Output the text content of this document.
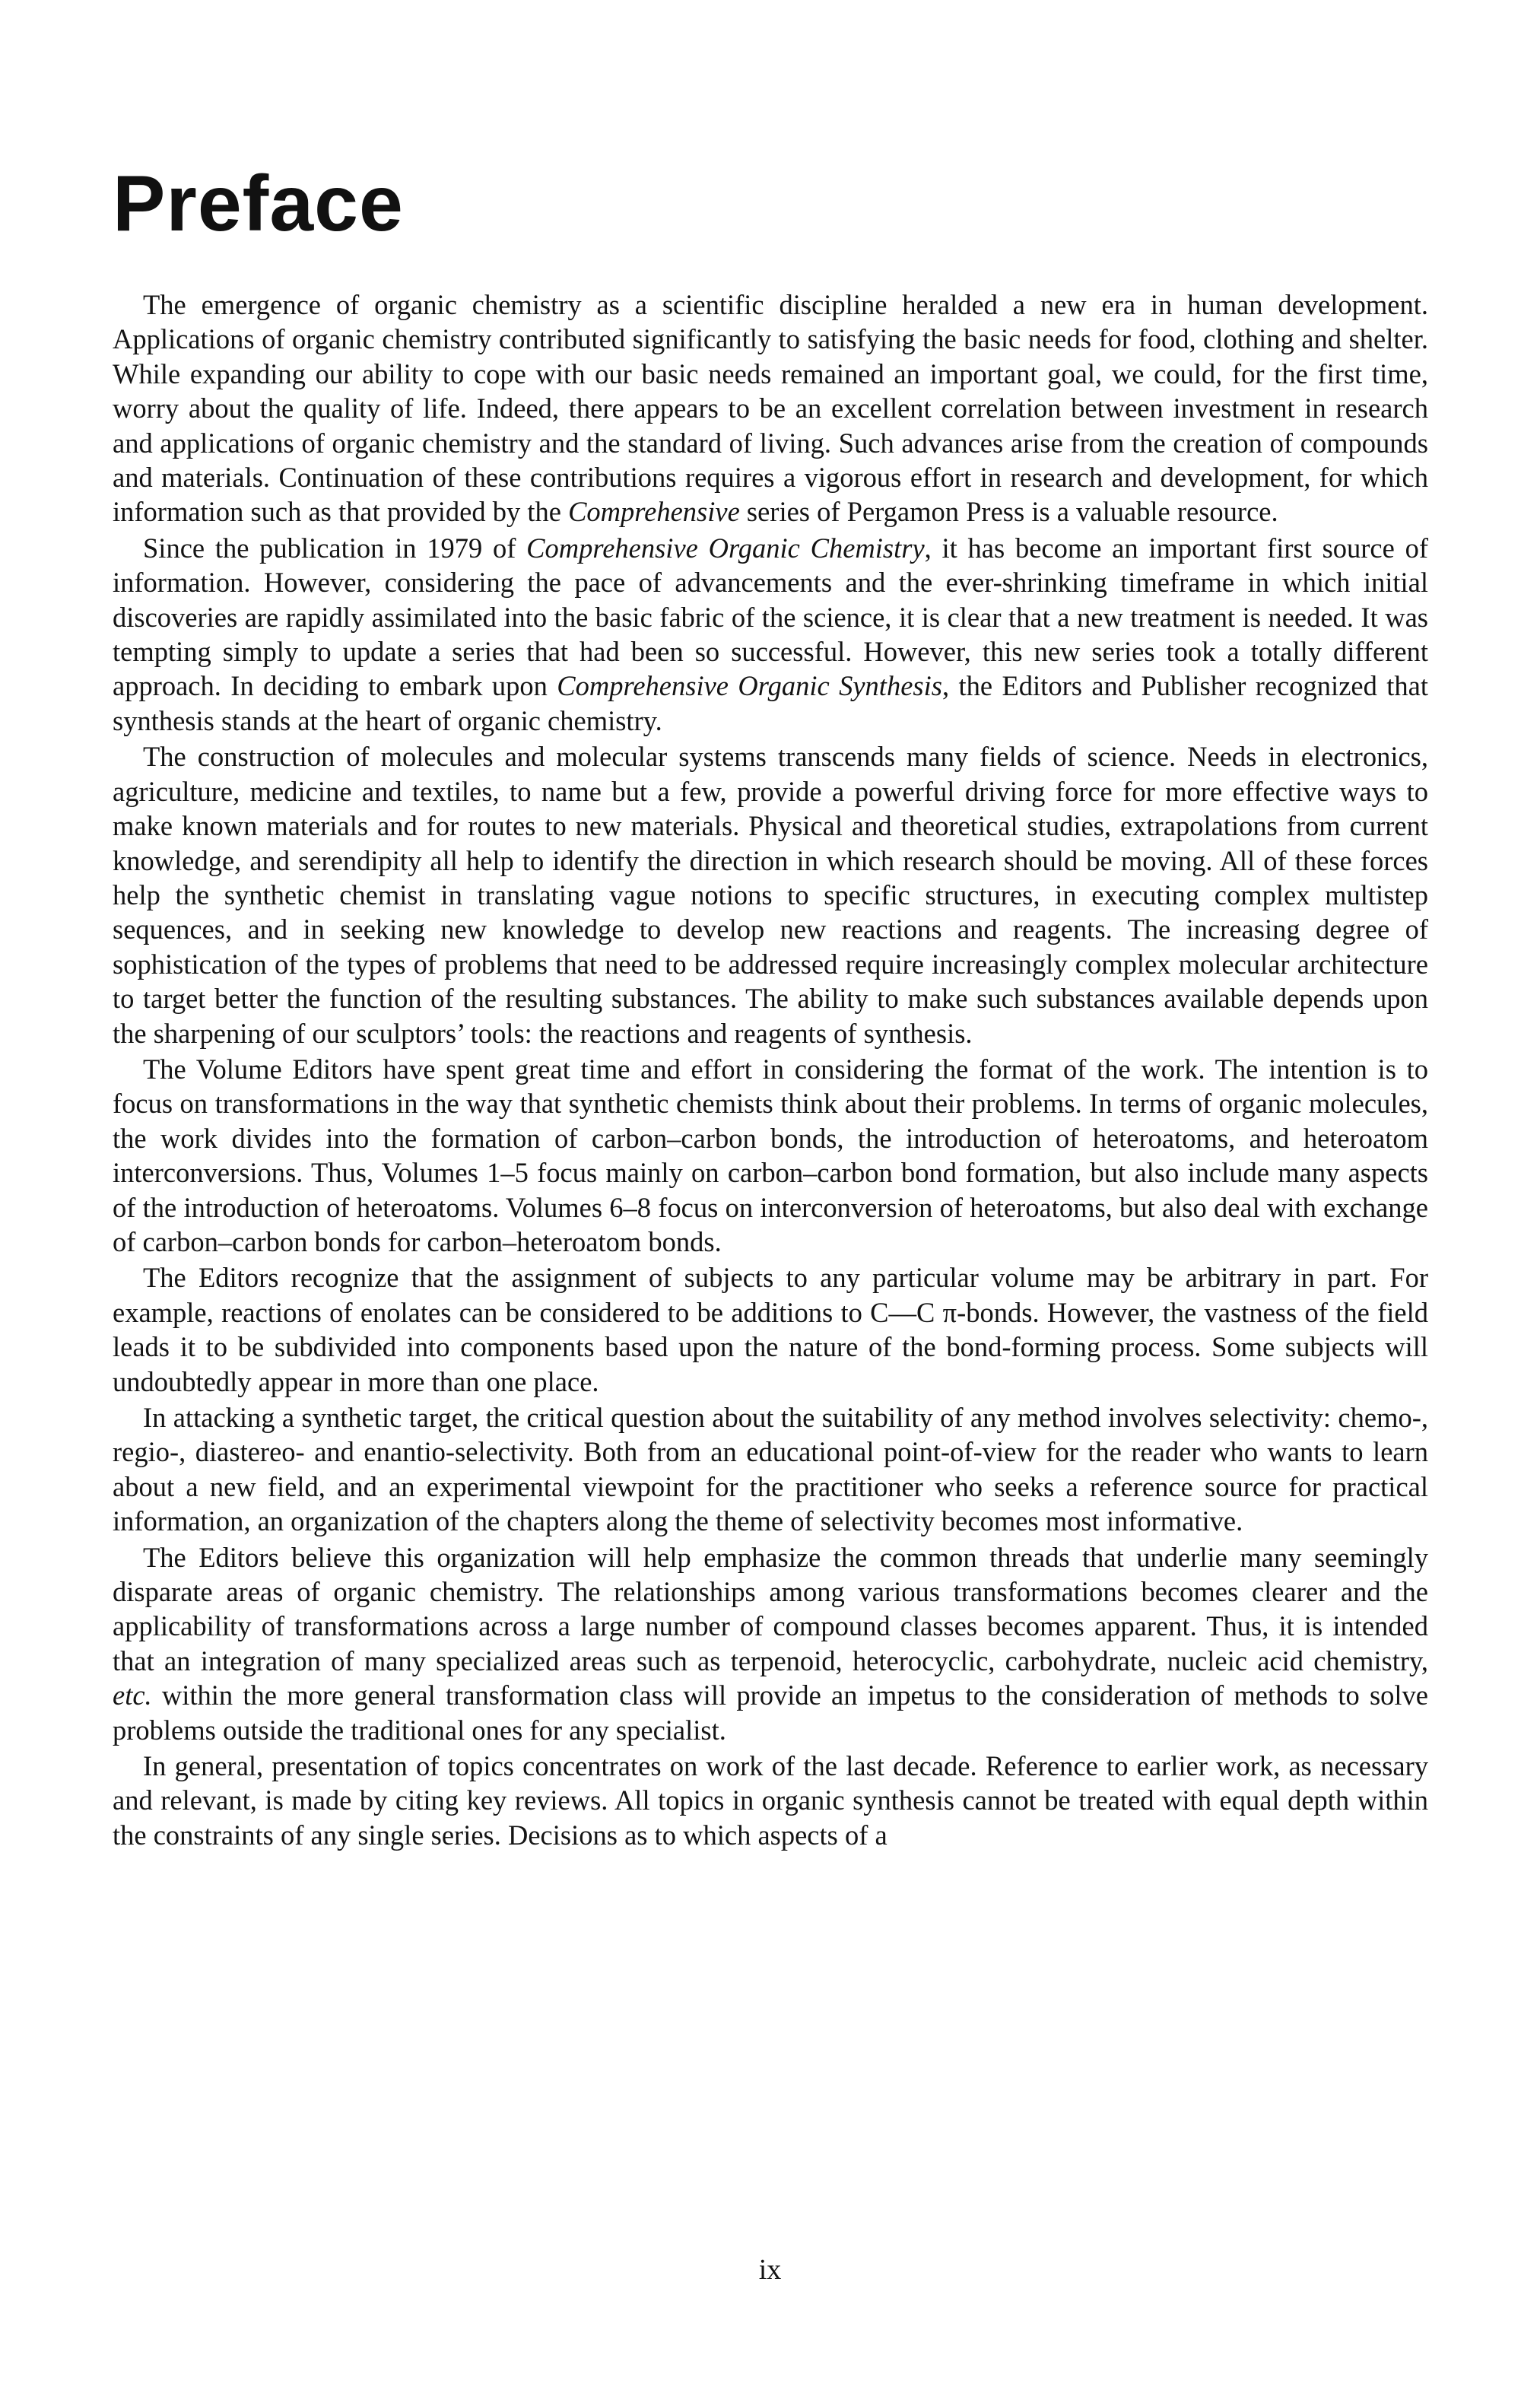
Preface

The emergence of organic chemistry as a scientific discipline heralded a new era in human development. Applications of organic chemistry contributed significantly to satisfying the basic needs for food, clothing and shelter. While expanding our ability to cope with our basic needs remained an important goal, we could, for the first time, worry about the quality of life. Indeed, there appears to be an excellent correlation between investment in research and applications of organic chemistry and the standard of living. Such advances arise from the creation of compounds and materials. Continuation of these contributions requires a vigorous effort in research and development, for which information such as that provided by the Comprehensive series of Pergamon Press is a valuable resource.

Since the publication in 1979 of Comprehensive Organic Chemistry, it has become an important first source of information. However, considering the pace of advancements and the ever-shrinking timeframe in which initial discoveries are rapidly assimilated into the basic fabric of the science, it is clear that a new treatment is needed. It was tempting simply to update a series that had been so successful. However, this new series took a totally different approach. In deciding to embark upon Comprehensive Organic Synthesis, the Editors and Publisher recognized that synthesis stands at the heart of organic chemistry.

The construction of molecules and molecular systems transcends many fields of science. Needs in electronics, agriculture, medicine and textiles, to name but a few, provide a powerful driving force for more effective ways to make known materials and for routes to new materials. Physical and theoretical studies, extrapolations from current knowledge, and serendipity all help to identify the direction in which research should be moving. All of these forces help the synthetic chemist in translating vague notions to specific structures, in executing complex multistep sequences, and in seeking new knowledge to develop new reactions and reagents. The increasing degree of sophistication of the types of problems that need to be addressed require increasingly complex molecular architecture to target better the function of the resulting substances. The ability to make such substances available depends upon the sharpening of our sculptors’ tools: the reactions and reagents of synthesis.

The Volume Editors have spent great time and effort in considering the format of the work. The intention is to focus on transformations in the way that synthetic chemists think about their problems. In terms of organic molecules, the work divides into the formation of carbon–carbon bonds, the introduction of heteroatoms, and heteroatom interconversions. Thus, Volumes 1–5 focus mainly on carbon–carbon bond formation, but also include many aspects of the introduction of heteroatoms. Volumes 6–8 focus on interconversion of heteroatoms, but also deal with exchange of carbon–carbon bonds for carbon–heteroatom bonds.

The Editors recognize that the assignment of subjects to any particular volume may be arbitrary in part. For example, reactions of enolates can be considered to be additions to C—C π-bonds. However, the vastness of the field leads it to be subdivided into components based upon the nature of the bond-forming process. Some subjects will undoubtedly appear in more than one place.

In attacking a synthetic target, the critical question about the suitability of any method involves selectivity: chemo-, regio-, diastereo- and enantio-selectivity. Both from an educational point-of-view for the reader who wants to learn about a new field, and an experimental viewpoint for the practitioner who seeks a reference source for practical information, an organization of the chapters along the theme of selectivity becomes most informative.

The Editors believe this organization will help emphasize the common threads that underlie many seemingly disparate areas of organic chemistry. The relationships among various transformations becomes clearer and the applicability of transformations across a large number of compound classes becomes apparent. Thus, it is intended that an integration of many specialized areas such as terpenoid, heterocyclic, carbohydrate, nucleic acid chemistry, etc. within the more general transformation class will provide an impetus to the consideration of methods to solve problems outside the traditional ones for any specialist.

In general, presentation of topics concentrates on work of the last decade. Reference to earlier work, as necessary and relevant, is made by citing key reviews. All topics in organic synthesis cannot be treated with equal depth within the constraints of any single series. Decisions as to which aspects of a

ix
